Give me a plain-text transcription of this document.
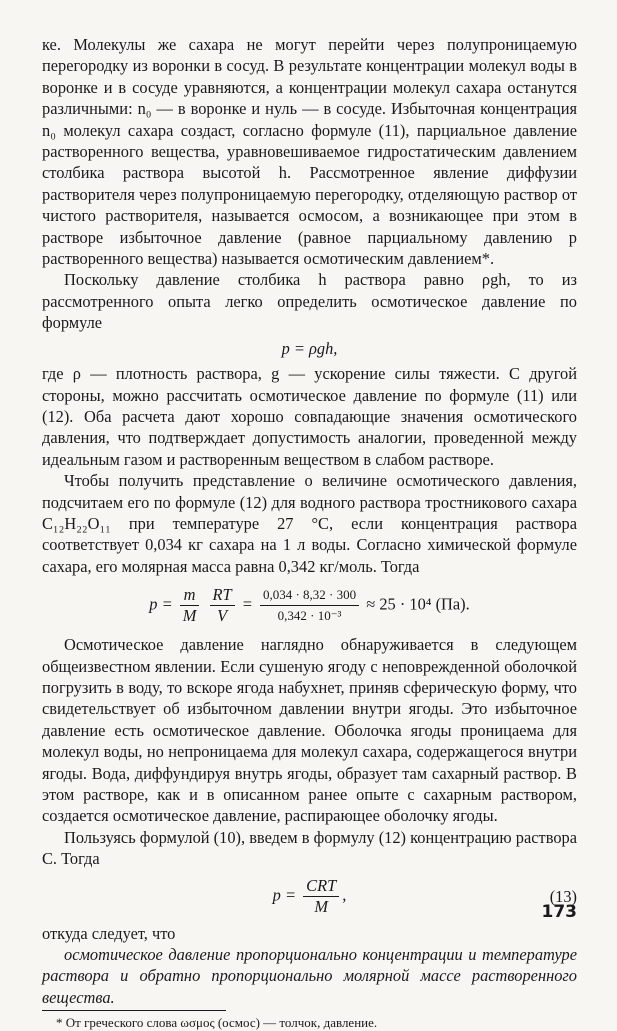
ке. Молекулы же сахара не могут перейти через полупроницаемую перегородку из воронки в сосуд. В результате концентрации молекул воды в воронке и в сосуде уравняются, а концентрации молекул сахара останутся различными: n₀ — в воронке и нуль — в сосуде. Избыточная концентрация n₀ молекул сахара создаст, согласно формуле (11), парциальное давление растворенного вещества, уравновешиваемое гидростатическим давлением столбика раствора высотой h. Рассмотренное явление диффузии растворителя через полупроницаемую перегородку, отделяющую раствор от чистого растворителя, называется осмосом, а возникающее при этом в растворе избыточное давление (равное парциальному давлению p растворенного вещества) называется осмотическим давлением*.

Поскольку давление столбика h раствора равно ρgh, то из рассмотренного опыта легко определить осмотическое давление по формуле

p = ρgh,

где ρ — плотность раствора, g — ускорение силы тяжести. С другой стороны, можно рассчитать осмотическое давление по формуле (11) или (12). Оба расчета дают хорошо совпадающие значения осмотического давления, что подтверждает допустимость аналогии, проведенной между идеальным газом и растворенным веществом в слабом растворе.

Чтобы получить представление о величине осмотического давления, подсчитаем его по формуле (12) для водного раствора тростникового сахара C₁₂H₂₂O₁₁ при температуре 27 °C, если концентрация раствора соответствует 0,034 кг сахара на 1 л воды. Согласно химической формуле сахара, его молярная масса равна 0,342 кг/моль. Тогда

$p = \frac{m}{M}$
$\frac{RT}{V} = \frac{0,034 \cdot 8,32 \cdot 300}{\text{0,342 · 10⁻³}} \approx 25 \cdot 10^4$ (Па).

Осмотическое давление наглядно обнаруживается в следующем общеизвестном явлении. Если сушеную ягоду с неповрежденной оболочкой погрузить в воду, то вскоре ягода набухнет, приняв сферическую форму, что свидетельствует об избыточном давлении внутри ягоды. Это избыточное давление есть осмотическое давление. Оболочка ягоды проницаема для молекул воды, но непроницаема для молекул сахара, содержащегося внутри ягоды. Вода, диффундируя внутрь ягоды, образует там сахарный раствор. В этом растворе, как и в описанном ранее опыте с сахарным раствором, создается осмотическое давление, распирающее оболочку ягоды.

Пользуясь формулой (10), введем в формулу (12) концентрацию раствора C. Тогда

$p = \frac{\text{CRT}}{M}$ ,	(13)

откуда следует, что

осмотическое давление пропорционально концентрации и температуре раствора и обратно пропорционально молярной массе растворенного вещества.

* От греческого слова ωσμος (осмос) — толчок, давление.
173
